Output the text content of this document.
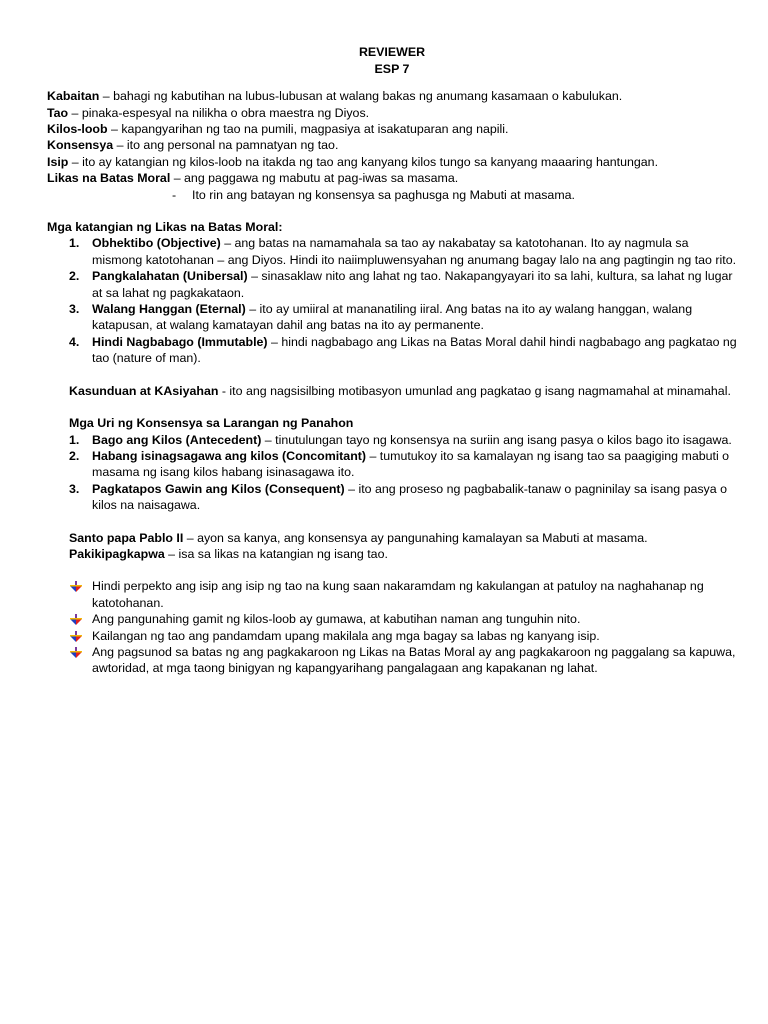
REVIEWER
ESP 7
Kabaitan – bahagi ng kabutihan na lubus-lubusan at walang bakas ng anumang kasamaan o kabulukan.
Tao – pinaka-espesyal na nilikha o obra maestra ng Diyos.
Kilos-loob – kapangyarihan ng tao na pumili, magpasiya at isakatuparan ang napili.
Konsensya – ito ang personal na pamnatyan ng tao.
Isip – ito ay katangian ng kilos-loob na itakda ng tao ang kanyang kilos tungo sa kanyang maaaring hantungan.
Likas na Batas Moral – ang paggawa ng mabutu at pag-iwas sa masama.
- Ito rin ang batayan ng konsensya sa paghusga ng Mabuti at masama.
Mga katangian ng Likas na Batas Moral:
1. Obhektibo (Objective) – ang batas na namamahala sa tao ay nakabatay sa katotohanan. Ito ay nagmula sa mismong katotohanan – ang Diyos. Hindi ito naiimpluwensyahan ng anumang bagay lalo na ang pagtingin ng tao rito.
2. Pangkalahatan (Unibersal) – sinasaklaw nito ang lahat ng tao. Nakapangyayari ito sa lahi, kultura, sa lahat ng lugar at sa lahat ng pagkakataon.
3. Walang Hanggan (Eternal) – ito ay umiiral at mananatiling iiral. Ang batas na ito ay walang hanggan, walang katapusan, at walang kamatayan dahil ang batas na ito ay permanente.
4. Hindi Nagbabago (Immutable) – hindi nagbabago ang Likas na Batas Moral dahil hindi nagbabago ang pagkatao ng tao (nature of man).
Kasunduan at KAsiyahan - ito ang nagsisilbing motibasyon umunlad ang pagkatao g isang nagmamahal at minamahal.
Mga Uri ng Konsensya sa Larangan ng Panahon
1. Bago ang Kilos (Antecedent) – tinutulungan tayo ng konsensya na suriin ang isang pasya o kilos bago ito isagawa.
2. Habang isinagsagawa ang kilos (Concomitant) – tumutukoy ito sa kamalayan ng isang tao sa paagiging mabuti o masama ng isang kilos habang isinasagawa ito.
3. Pagkatapos Gawin ang Kilos (Consequent) – ito ang proseso ng pagbabalik-tanaw o pagninilay sa isang pasya o kilos na naisagawa.
Santo papa Pablo II – ayon sa kanya, ang konsensya ay pangunahing kamalayan sa Mabuti at masama.
Pakikipagkapwa – isa sa likas na katangian ng isang tao.
Hindi perpekto ang isip ang isip ng tao na kung saan nakaramdam ng kakulangan at patuloy na naghahanap ng katotohanan.
Ang pangunahing gamit ng kilos-loob ay gumawa, at kabutihan naman ang tunguhin nito.
Kailangan ng tao ang pandamdam upang makilala ang mga bagay sa labas ng kanyang isip.
Ang pagsunod sa batas ng ang pagkakaroon ng Likas na Batas Moral ay ang pagkakaroon ng paggalang sa kapuwa, awtoridad, at mga taong binigyan ng kapangyarihang pangalagaan ang kapakanan ng lahat.
